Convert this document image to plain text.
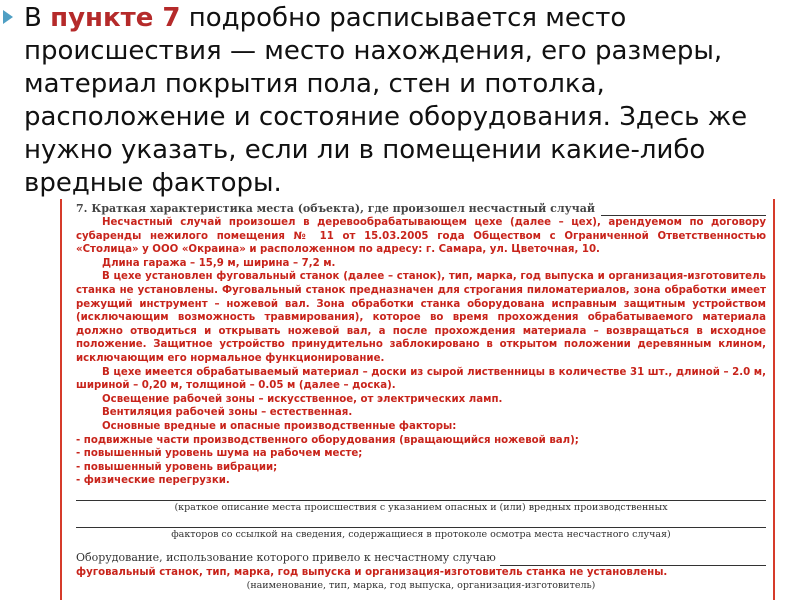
В пункте 7 подробно расписывается место происшествия — место нахождения, его размеры, материал покрытия пола, стен и потолка, расположение и состояние оборудования. Здесь же нужно указать, если ли в помещении какие-либо вредные факторы.

7. Краткая характеристика места (объекта), где произошел несчастный случай

Несчастный случай произошел в деревообрабатывающем цехе (далее – цех), арендуемом по договору субаренды нежилого помещения № 11 от 15.03.2005 года Обществом с Ограниченной Ответственностью «Столица» у ООО «Окраина» и расположенном по адресу: г. Самара, ул. Цветочная, 10.

Длина гаража – 15,9 м, ширина – 7,2 м.

В цехе установлен фуговальный станок (далее – станок), тип, марка, год выпуска и организация-изготовитель станка не установлены. Фуговальный станок предназначен для строгания пиломатериалов, зона обработки имеет режущий инструмент – ножевой вал. Зона обработки станка оборудована исправным защитным устройством (исключающим возможность травмирования), которое во время прохождения обрабатываемого материала должно отводиться и открывать ножевой вал, а после прохождения материала – возвращаться в исходное положение. Защитное устройство принудительно заблокировано в открытом положении деревянным клином, исключающим его нормальное функционирование.

В цехе имеется обрабатываемый материал – доски из сырой лиственницы в количестве 31 шт., длиной – 2.0 м, шириной – 0,20 м, толщиной – 0.05 м (далее – доска).

Освещение рабочей зоны – искусственное, от электрических ламп.

Вентиляция рабочей зоны – естественная.

Основные вредные и опасные производственные факторы:

- подвижные части производственного оборудования (вращающийся ножевой вал);

- повышенный уровень шума на рабочем месте;

- повышенный уровень вибрации;

- физические перегрузки.

(краткое описание места происшествия с указанием опасных и (или) вредных производственных
факторов со ссылкой на сведения, содержащиеся в протоколе осмотра места несчастного случая)
Оборудование, использование которого привело к несчастному случаю

фуговальный станок, тип, марка, год выпуска и организация-изготовитель станка не установлены.

(наименование, тип, марка, год выпуска, организация-изготовитель)
